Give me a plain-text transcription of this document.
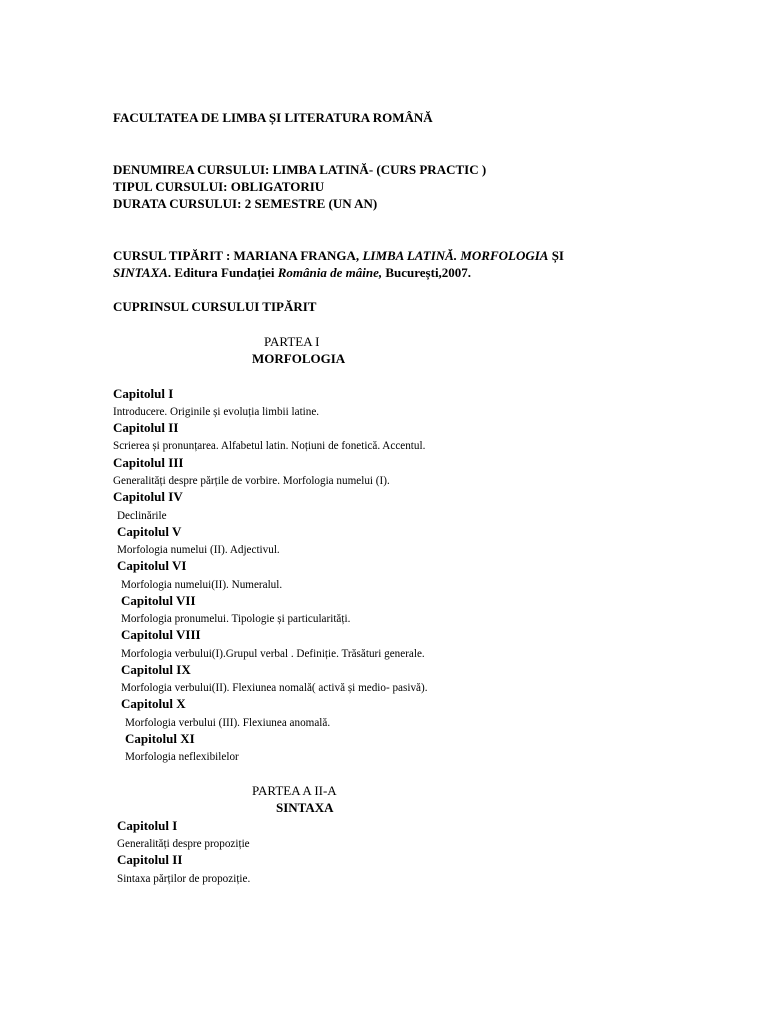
FACULTATEA DE LIMBA ȘI LITERATURA ROMÂNĂ
DENUMIREA CURSULUI: LIMBA LATINĂ- (CURS PRACTIC )
TIPUL CURSULUI: OBLIGATORIU
DURATA CURSULUI: 2 SEMESTRE (UN AN)
CURSUL TIPĂRIT : MARIANA FRANGA, LIMBA LATINĂ. MORFOLOGIA ȘI
SINTAXA. Editura Fundației România de mâine, București,2007.
CUPRINSUL CURSULUI TIPĂRIT
PARTEA I
MORFOLOGIA
Capitolul I
Introducere. Originile și evoluția limbii latine.
Capitolul II
Scrierea și pronunțarea. Alfabetul latin. Noțiuni de fonetică. Accentul.
Capitolul III
Generalități despre părțile de vorbire. Morfologia numelui (I).
Capitolul IV
Declinările
Capitolul V
Morfologia numelui (II). Adjectivul.
Capitolul VI
Morfologia numelui(II). Numeralul.
Capitolul VII
Morfologia pronumelui. Tipologie și particularități.
Capitolul VIII
Morfologia verbului(I).Grupul verbal . Definiție. Trăsături generale.
Capitolul IX
Morfologia verbului(II). Flexiunea nomală( activă și medio- pasivă).
Capitolul X
Morfologia verbului (III). Flexiunea anomală.
Capitolul XI
Morfologia neflexibilelor
PARTEA A II-A
SINTAXA
Capitolul I
Generalități despre propoziție
Capitolul II
Sintaxa părților de propoziție.
